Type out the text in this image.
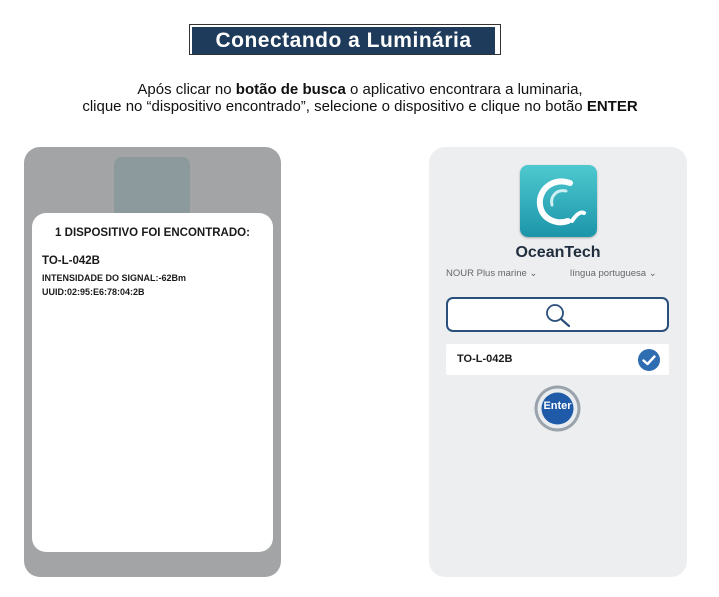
Conectando a Luminária
Após clicar no botão de busca o aplicativo encontrara a luminaria,
clique no “dispositivo encontrado”, selecione o dispositivo e clique no botão ENTER
1 DISPOSITIVO FOI ENCONTRADO:
TO-L-042B
INTENSIDADE DO SIGNAL:-62Bm
UUID:02:95:E6:78:04:2B
OceanTech
NOUR Plus marine ⌄	língua portuguesa ⌄
TO-L-042B
Enter
